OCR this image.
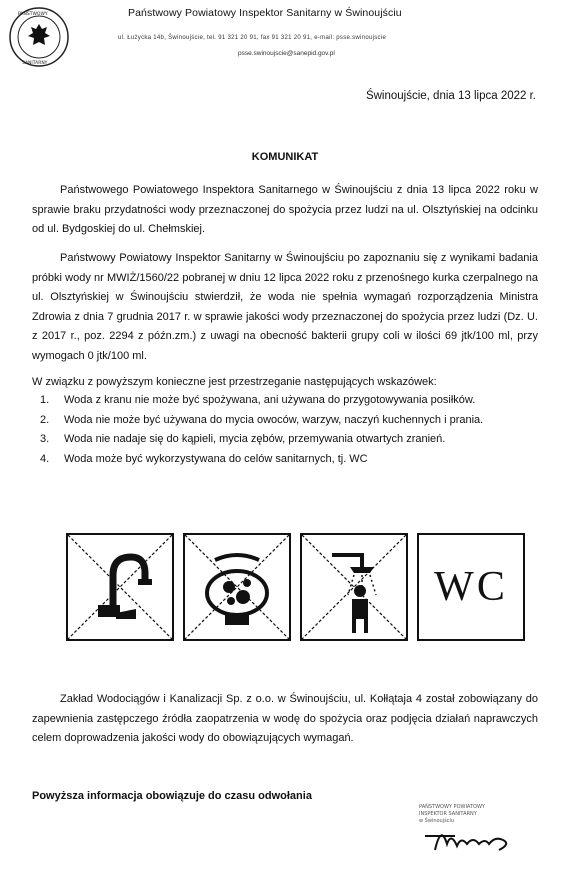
PAŃSTWOWY
SANITARNY
Państwowy Powiatowy Inspektor Sanitarny w Świnoujściu
ul. Łużycka 14b, Świnoujście, tel. 91 321 20 91, fax 91 321 20 91, e-mail: psse.swinoujscie
psse.swinoujscie@sanepid.gov.pl
Świnoujście, dnia 13 lipca 2022 r.
KOMUNIKAT
Państwowego Powiatowego Inspektora Sanitarnego w Świnoujściu z dnia 13 lipca 2022 roku w sprawie braku przydatności wody przeznaczonej do spożycia przez ludzi na ul. Olsztyńskiej na odcinku od ul. Bydgoskiej do ul. Chełmskiej.
Państwowy Powiatowy Inspektor Sanitarny w Świnoujściu po zapoznaniu się z wynikami badania próbki wody nr MWIŻ/1560/22 pobranej w dniu 12 lipca 2022 roku z przenośnego kurka czerpalnego na ul. Olsztyńskiej w Świnoujściu stwierdził, że woda nie spełnia wymagań rozporządzenia Ministra Zdrowia z dnia 7 grudnia 2017 r. w sprawie jakości wody przeznaczonej do spożycia przez ludzi (Dz. U. z 2017 r., poz. 2294 z późn.zm.) z uwagi na obecność bakterii grupy coli w ilości 69 jtk/100 ml, przy wymogach 0 jtk/100 ml.
W związku z powyższym konieczne jest przestrzeganie następujących wskazówek:
1. Woda z kranu nie może być spożywana, ani używana do przygotowywania posiłków.
2. Woda nie może być używana do mycia owoców, warzyw, naczyń kuchennych i prania.
3. Woda nie nadaje się do kąpieli, mycia zębów, przemywania otwartych zranień.
4. Woda może być wykorzystywana do celów sanitarnych, tj. WC
WC
Zakład Wodociągów i Kanalizacji Sp. z o.o. w Świnoujściu, ul. Kołłątaja 4 został zobowiązany do zapewnienia zastępczego źródła zaopatrzenia w wodę do spożycia oraz podjęcia działań naprawczych celem doprowadzenia jakości wody do obowiązujących wymagań.
Powyższa informacja obowiązuje do czasu odwołania
PAŃSTWOWY POWIATOWY
INSPEKTOR SANITARNY
w Świnoujściu
